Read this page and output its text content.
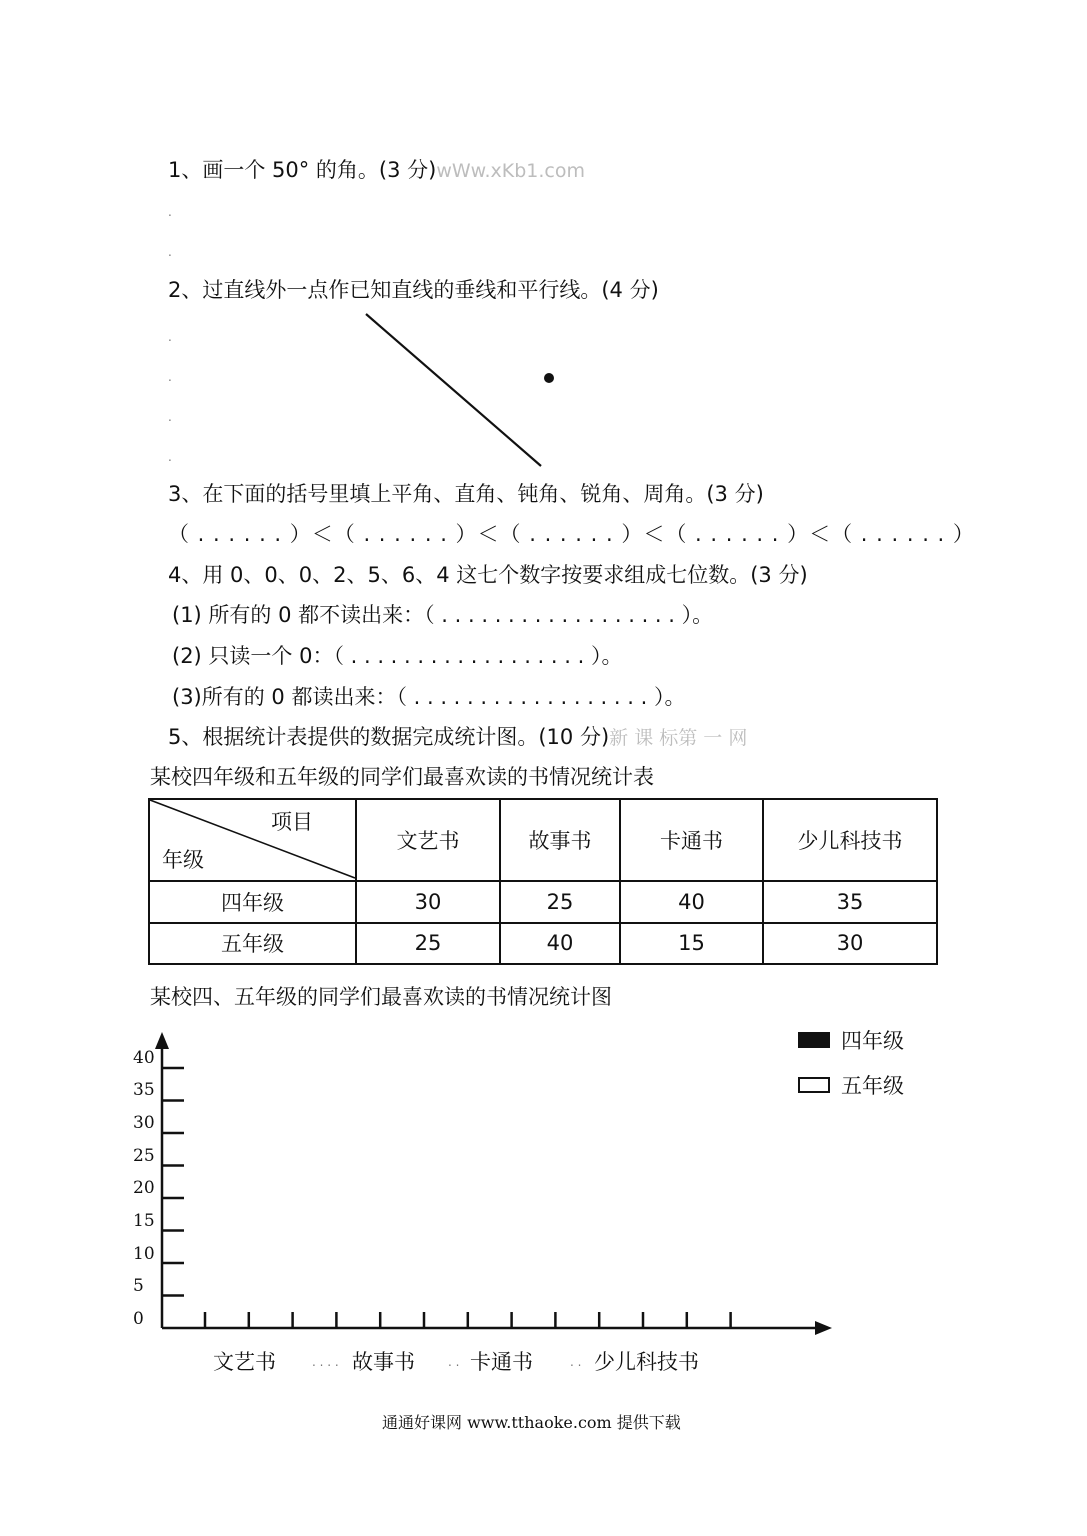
1、画一个 50° 的角。(3 分)wWw.xKb1.com
.
.
2、过直线外一点作已知直线的垂线和平行线。(4 分)
.
.
.
.
3、在下面的括号里填上平角、直角、钝角、锐角、周角。(3 分)
（ . . . . . . ）＜（ . . . . . . ）＜（ . . . . . . ）＜（ . . . . . . ）＜（ . . . . . . ）
4、用 0、0、0、2、5、6、4 这七个数字按要求组成七位数。(3 分)
(1) 所有的 0 都不读出来：（ . . . . . . . . . . . . . . . . . . ）。
(2) 只读一个 0：（ . . . . . . . . . . . . . . . . . . ）。
(3)所有的 0 都读出来：（ . . . . . . . . . . . . . . . . . . ）。
5、根据统计表提供的数据完成统计图。(10 分)新 课 标第 一 网
某校四年级和五年级的同学们最喜欢读的书情况统计表
项目
年级	文艺书	故事书	卡通书	少儿科技书
四年级	30	25	40	35
五年级	25	40	15	30
某校四、五年级的同学们最喜欢读的书情况统计图
四年级
五年级
0
5
10
15
20
25
30
35
40
文艺书	. . . . 故事书	. . 卡通书	. . 少儿科技书
通通好课网 www.tthaoke.com 提供下载
